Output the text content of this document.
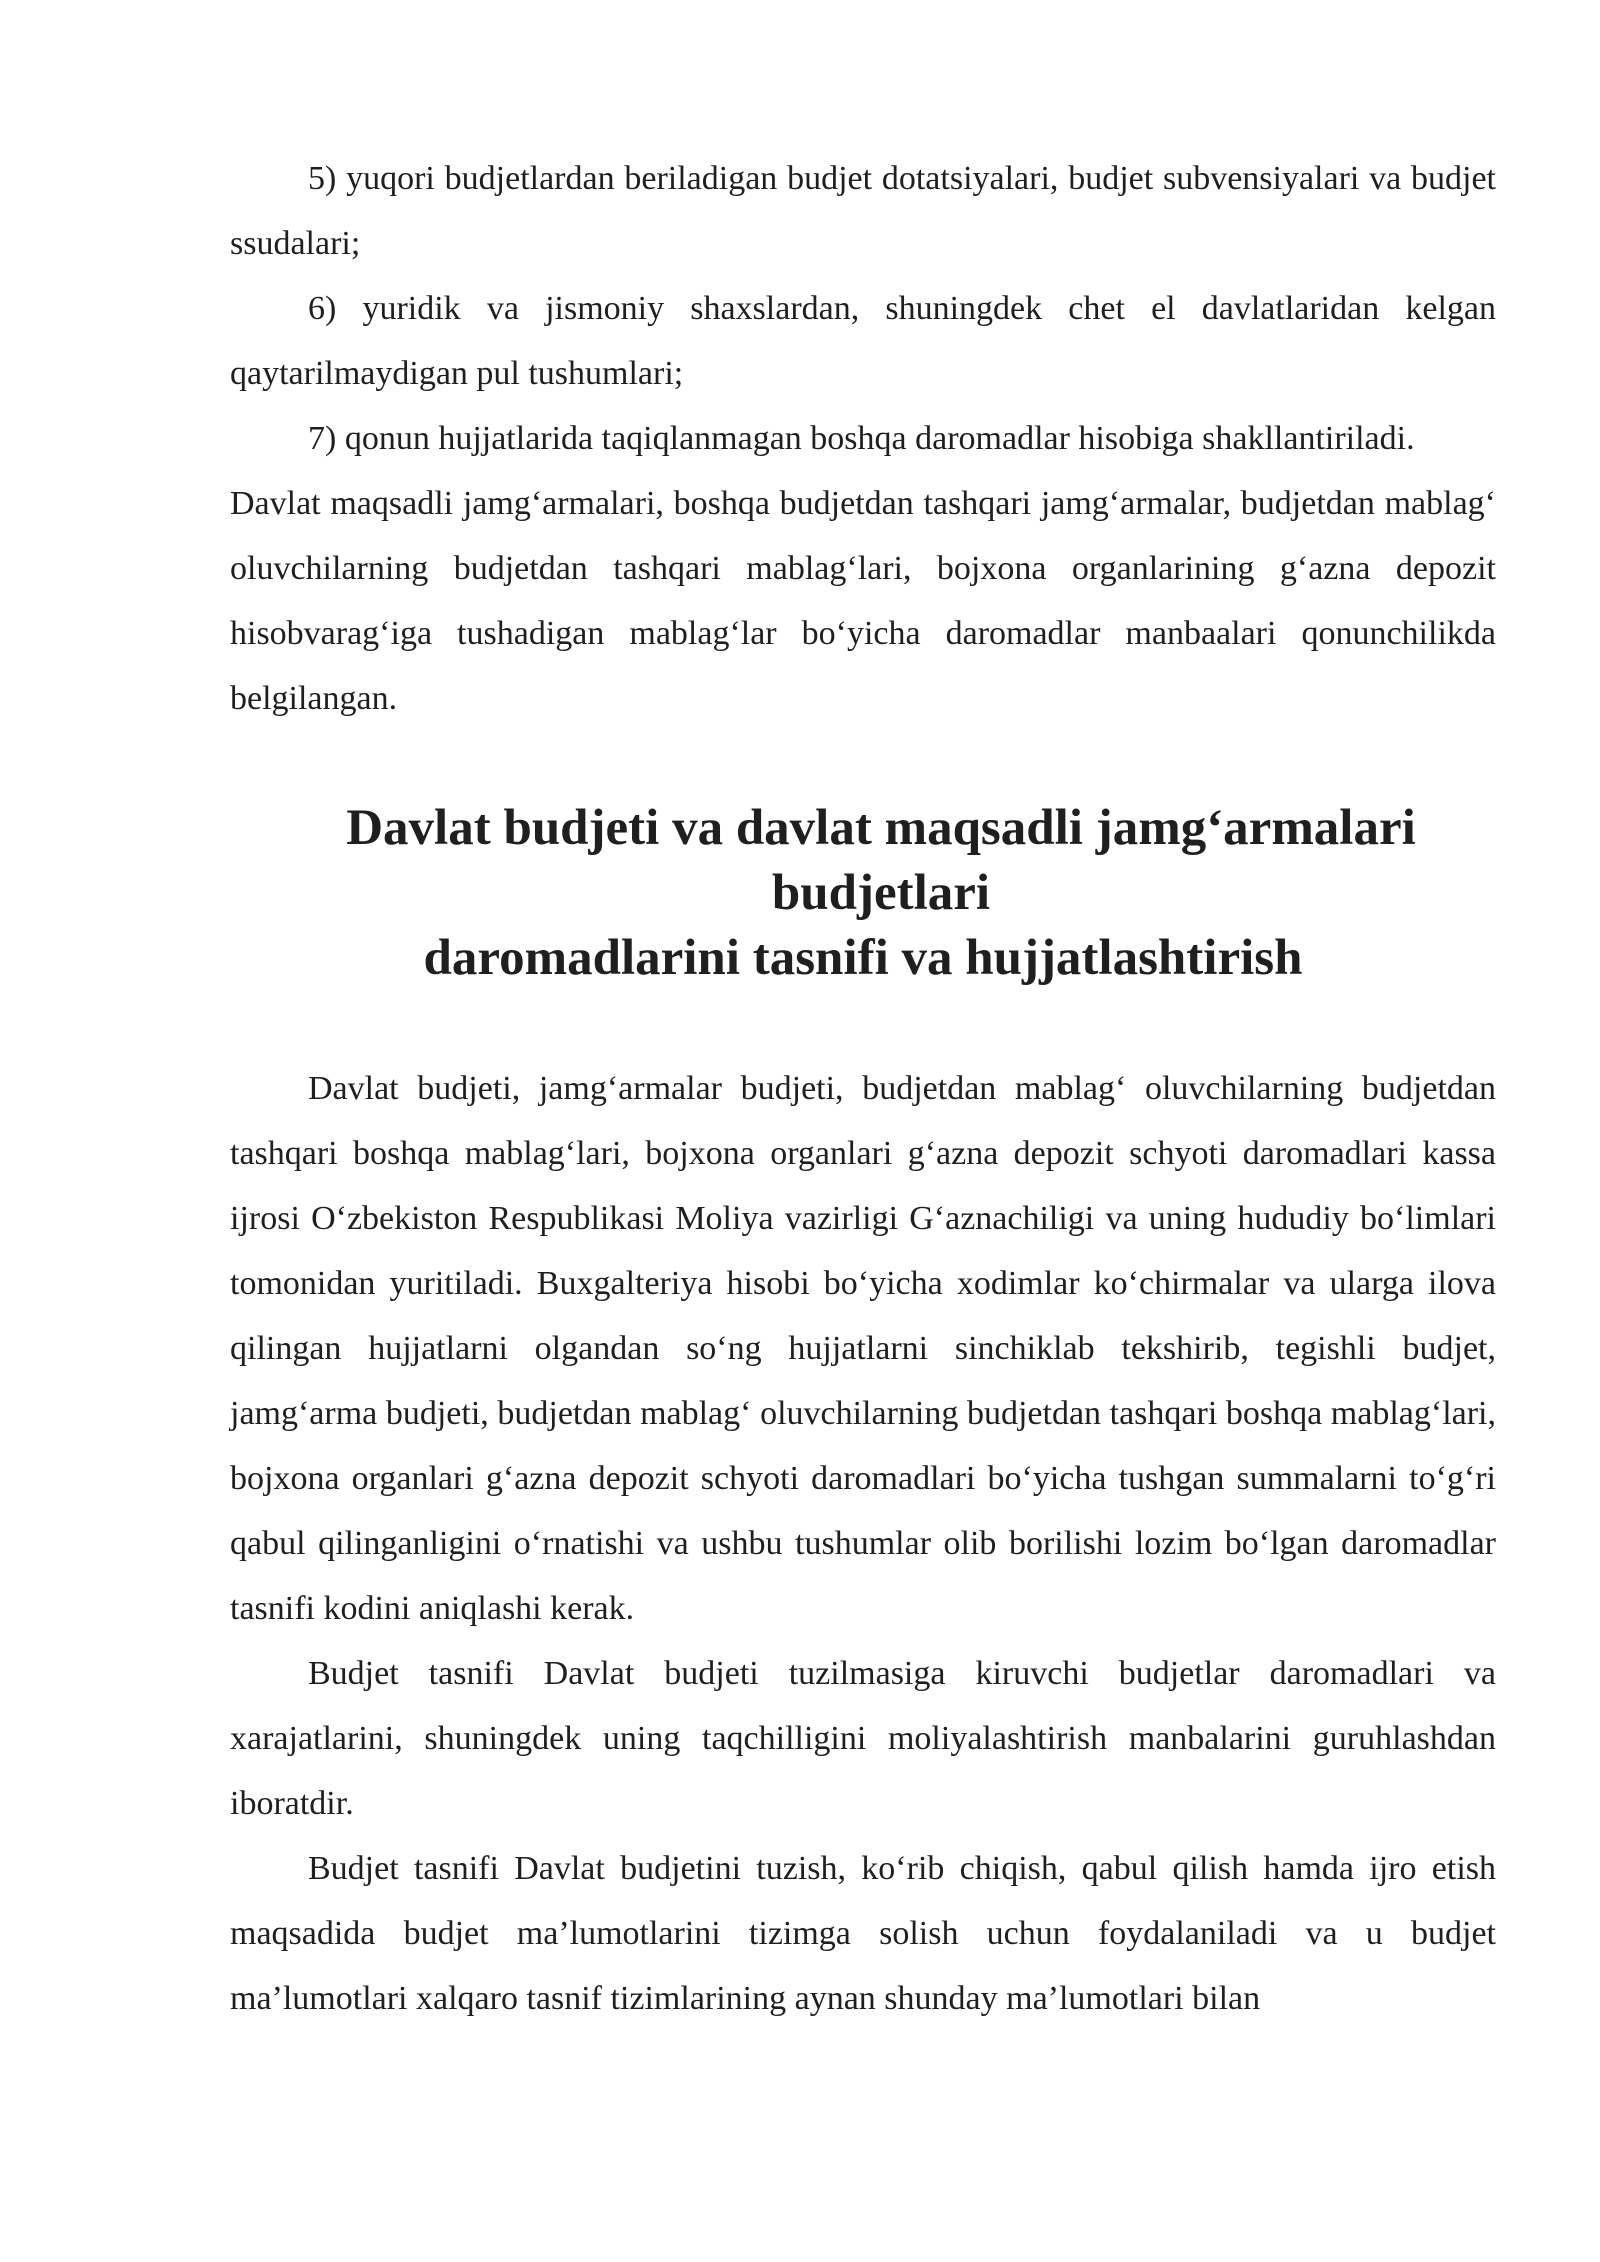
5) yuqori budjetlardan beriladigan budjet dotatsiyalari, budjet subvensiyalari va budjet ssudalari;

6) yuridik va jismoniy shaxslardan, shuningdek chet el davlatlaridan kelgan qaytarilmaydigan pul tushumlari;

7) qonun hujjatlarida taqiqlanmagan boshqa daromadlar hisobiga shakllantiriladi.

Davlat maqsadli jamg‘armalari, boshqa budjetdan tashqari jamg‘armalar, budjetdan mablag‘ oluvchilarning budjetdan tashqari mablag‘lari, bojxona organlarining g‘azna depozit hisobvarag‘iga tushadigan mablag‘lar bo‘yicha daromadlar manbaalari qonunchilikda belgilangan.

Davlat budjeti va davlat maqsadli jamg‘armalari budjetlari
daromadlarini tasnifi va hujjatlashtirish

Davlat budjeti, jamg‘armalar budjeti, budjetdan mablag‘ oluvchilarning budjetdan tashqari boshqa mablag‘lari, bojxona organlari g‘azna depozit schyoti daromadlari kassa ijrosi O‘zbekiston Respublikasi Moliya vazirligi G‘aznachiligi va uning hududiy bo‘limlari tomonidan yuritiladi. Buxgalteriya hisobi bo‘yicha xodimlar ko‘chirmalar va ularga ilova qilingan hujjatlarni olgandan so‘ng hujjatlarni sinchiklab tekshirib, tegishli budjet, jamg‘arma budjeti, budjetdan mablag‘ oluvchilarning budjetdan tashqari boshqa mablag‘lari, bojxona organlari g‘azna depozit schyoti daromadlari bo‘yicha tushgan summalarni to‘g‘ri qabul qilinganligini o‘rnatishi va ushbu tushumlar olib borilishi lozim bo‘lgan daromadlar tasnifi kodini aniqlashi kerak.

Budjet tasnifi Davlat budjeti tuzilmasiga kiruvchi budjetlar daromadlari va xarajatlarini, shuningdek uning taqchilligini moliyalashtirish manbalarini guruhlashdan iboratdir.

Budjet tasnifi Davlat budjetini tuzish, ko‘rib chiqish, qabul qilish hamda ijro etish maqsadida budjet ma’lumotlarini tizimga solish uchun foydalaniladi va u budjet ma’lumotlari xalqaro tasnif tizimlarining aynan shunday ma’lumotlari bilan
